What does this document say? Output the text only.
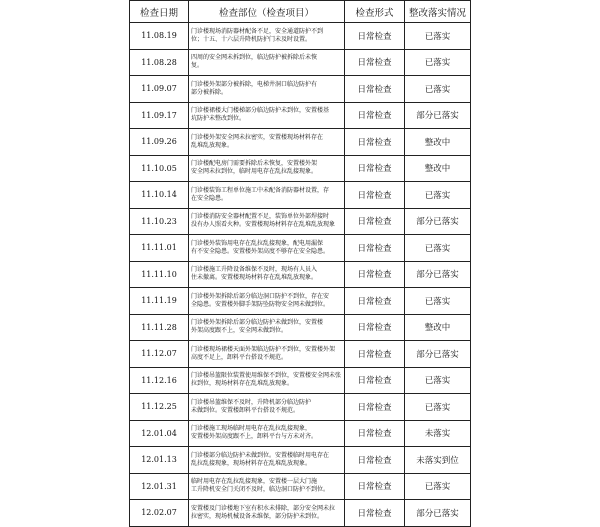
检查日期	检查部位（检查项目）	检查形式	整改落实情况
11.08.19	门诊楼现场消防器材配备不足，安全通道防护不到
位；十五、十六层升降机防护门未及时设置。	日常检查	已落实
11.08.28	四周的安全网未拆到位，临边防护被拆除后未恢
复。	日常检查	已落实
11.09.07	门诊楼外架部分被拆除，电梯井洞口临边防护有
部分被拆除。	日常检查	已落实
11.09.17	门诊楼裙楼大门楼梯部分临边防护未到位，安置楼基
坑防护未整改到位。	日常检查	部分已落实
11.09.26	门诊楼外架安全网未拉密实，安置楼现场材料存在
乱堆乱放现象。	日常检查	整改中
11.10.05	门诊楼配电房门需要拆除后未恢复，安置楼外架
安全网未拉到位，临时用电存在乱拉乱接现象。	日常检查	整改中
11.10.14	门诊楼装饰工程单位施工中未配备消防器材设置，存
在安全隐患。	日常检查	已落实
11.10.23	门诊楼消防安全器材配置不足，装饰单位外部焊接时
没有办人照看火种。安置楼现场材料存在乱堆乱放现象	日常检查	部分已落实
11.11.01	门诊楼外装饰用电存在乱拉乱接现象，配电用漏保
有不安全隐患。安置楼外架高度不够存在安全隐患。	日常检查	已落实
11.11.10	门诊楼施工升降设备维保不及时，现场有人员入
住未撤离。安置楼现场材料存在乱堆乱放现象。	日常检查	部分已落实
11.11.19	门诊楼外架拆除后部分临边洞口防护不到位，存在安
全隐患。安置楼外脚手架防坠防物安全网未做到位。	日常检查	已落实
11.11.28	门诊楼外架拆除后部分临边防护未做到位，安置楼
外架高度跟不上，安全网未做到位。	日常检查	整改中
11.12.07	门诊楼现场裙楼天面外架临边防护不到位，安置楼外架
高度不足上，卸料平台搭设不规范。	日常检查	部分已落实
11.12.16	门诊楼吊篮限位装置使用维保不到位，安置楼安全网未张
拉到位，现场材料存在乱堆乱放现象。	日常检查	已落实
11.12.25	门诊楼吊篮维保不及时，升降机部分临边防护
未做到位。安置楼卸料平台搭设不规范。	日常检查	已落实
12.01.04	门诊楼施工现场临时用电存在乱拉乱接现象，
安置楼外架高度跟不上，卸料平台与方未对齐。	日常检查	未落实
12.01.13	门诊楼部分临边防护未做到位。安置楼临时用电存在
乱拉乱接现象，现场材料存在乱堆乱放现象。	日常检查	未落实到位
12.01.31	临时用电存在乱拉乱接现象，安置楼一层大门施
工升降机安全门关闭不及时，临边洞口防护不到位。	日常检查	已落实
12.02.07	安置楼及门诊楼地下室有积水未排除，部分安全网未拉
拉密实，现场机械设备未维保，部分防护未到位。	日常检查	部分已落实
